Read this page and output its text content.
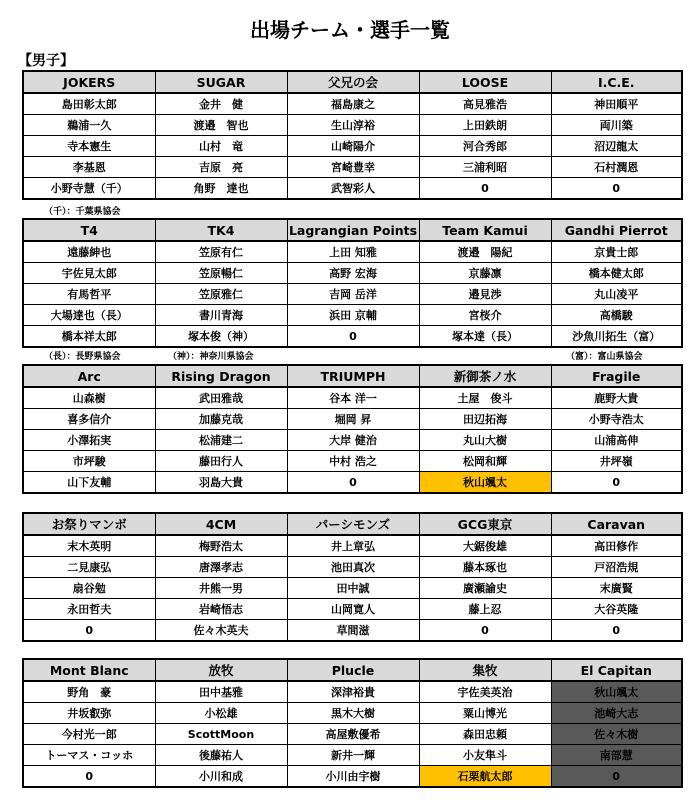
出場チーム・選手一覧
【男子】
JOKERS	SUGAR	父兄の会	LOOSE	I.C.E.
島田彰太郎	金井　健	福島康之	高見雅浩	神田順平
鵜浦一久	渡邉　智也	生山淳裕	上田鉄朗	両川築
寺本憲生	山村　竜	山崎陽介	河合秀郎	沼辺龍太
李基恩	吉原　亮	宮崎豊幸	三浦利昭	石村潤恩
小野寺慧（千）	角野　達也	武智彩人	0	0
（千）：千葉県協会
T4	TK4	Lagrangian Points	Team Kamui	Gandhi Pierrot
遠藤紳也	笠原有仁	上田 知雅	渡邉　陽紀	京貴士郎
宇佐見太郎	笠原暢仁	高野 宏海	京藤凛	橋本健太郎
有馬哲平	笠原雅仁	吉岡 岳洋	邉見渉	丸山凌平
大場達也（長）	書川青海	浜田 京輔	宮桜介	高橋駿
橋本祥太郎	塚本俊（神）	0	塚本達（長）	沙魚川拓生（富）
（長）：長野県協会	（神）：神奈川県協会	（富）：富山県協会
Arc	Rising Dragon	TRIUMPH	新御茶ノ水	Fragile
山森樹	武田雅哉	谷本 洋一	土屋　俊斗	鹿野大貴
喜多信介	加藤克哉	堀岡 昇	田辺拓海	小野寺浩太
小澤拓実	松浦建二	大岸 健治	丸山大樹	山浦高伸
市坪駿	藤田行人	中村 浩之	松岡和輝	井坪嶺
山下友輔	羽島大貴	0	秋山颯太	0
お祭りマンボ	4CM	パーシモンズ	GCG東京	Caravan
末木英明	梅野浩太	井上章弘	大鋸俊雄	高田修作
二見康弘	唐澤孝志	池田真次	藤本琢也	戸沼浩規
扇谷勉	井熊一男	田中誠	廣瀬諭史	末廣賢
永田哲夫	岩崎悟志	山岡寛人	藤上忍	大谷英隆
0	佐々木英夫	草間滋	0	0
Mont Blanc	放牧	Plucle	集牧	El Capitan
野角　豪	田中基雅	深津裕貴	宇佐美英治	秋山颯太
井坂叡弥	小松雄	黒木大樹	粟山博光	池崎大志
今村光一郎	ScottMoon	高屋敷優希	森田忠頼	佐々木樹
トーマス・コッホ	後藤祐人	新井一輝	小友隼斗	南部慧
0	小川和成	小川由宇樹	石栗航太郎	0
